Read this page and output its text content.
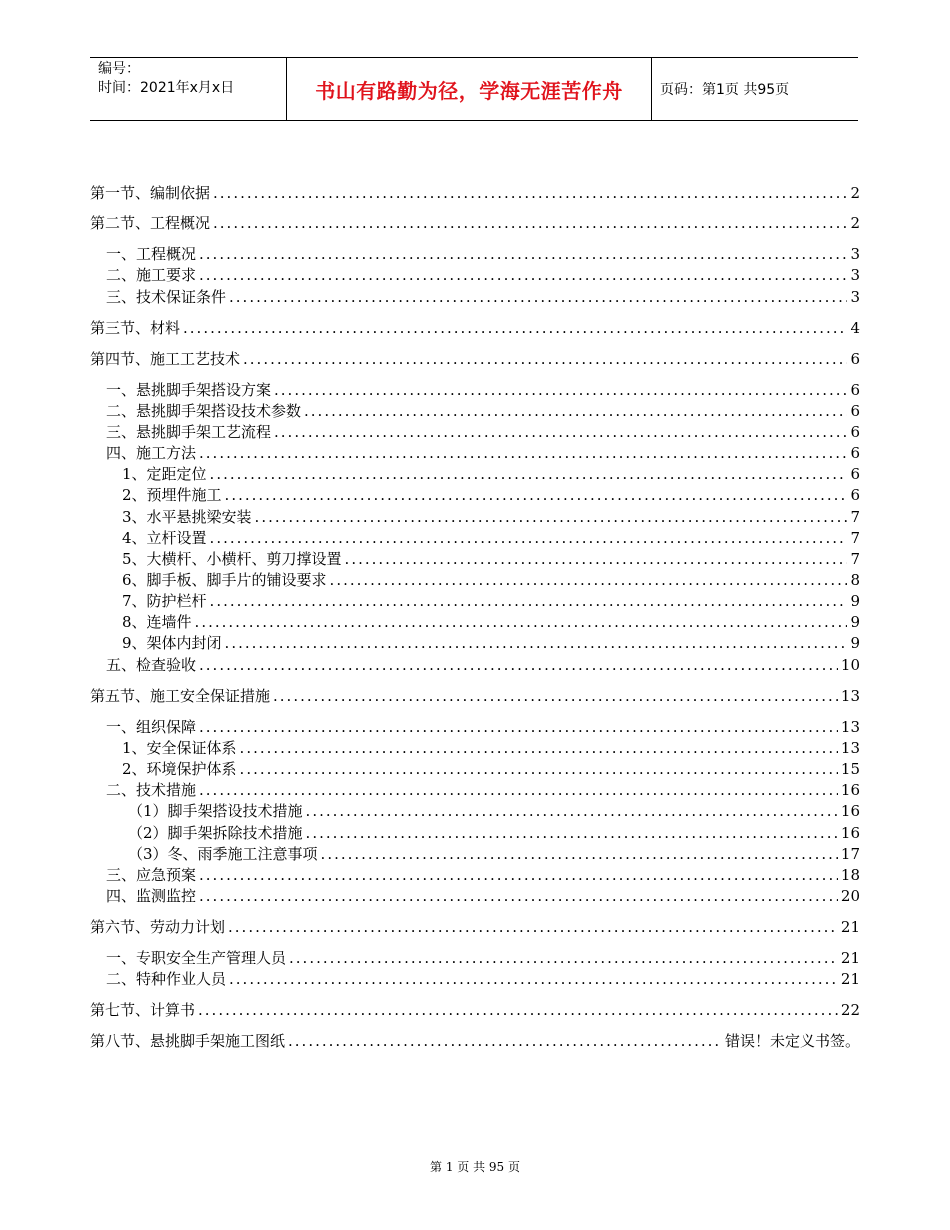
编号：
时间：2021年x月x日	书山有路勤为径，学海无涯苦作舟	页码：第1页 共95页
第一节、编制依据 .....	2
第二节、工程概况 .....	2
一、工程概况 .....	3
二、施工要求 .....	3
三、技术保证条件 .....	3
第三节、材料 .....	4
第四节、施工工艺技术 .....	6
一、悬挑脚手架搭设方案 .....	6
二、悬挑脚手架搭设技术参数 .....	6
三、悬挑脚手架工艺流程 .....	6
四、施工方法 .....	6
1、定距定位 .....	6
2、预埋件施工 .....	6
3、水平悬挑梁安装 .....	7
4、立杆设置 .....	7
5、大横杆、小横杆、剪刀撑设置 .....	7
6、脚手板、脚手片的铺设要求 .....	8
7、防护栏杆 .....	9
8、连墙件 .....	9
9、架体内封闭 .....	9
五、检查验收 .....	10
第五节、施工安全保证措施 .....	13
一、组织保障 .....	13
1、安全保证体系 .....	13
2、环境保护体系 .....	15
二、技术措施 .....	16
（1）脚手架搭设技术措施 .....	16
（2）脚手架拆除技术措施 .....	16
（3）冬、雨季施工注意事项 .....	17
三、应急预案 .....	18
四、监测监控 .....	20
第六节、劳动力计划 .....	21
一、专职安全生产管理人员 .....	21
二、特种作业人员 .....	21
第七节、计算书 .....	22
第八节、悬挑脚手架施工图纸 .....	错误！未定义书签。
第 1 页 共 95 页
